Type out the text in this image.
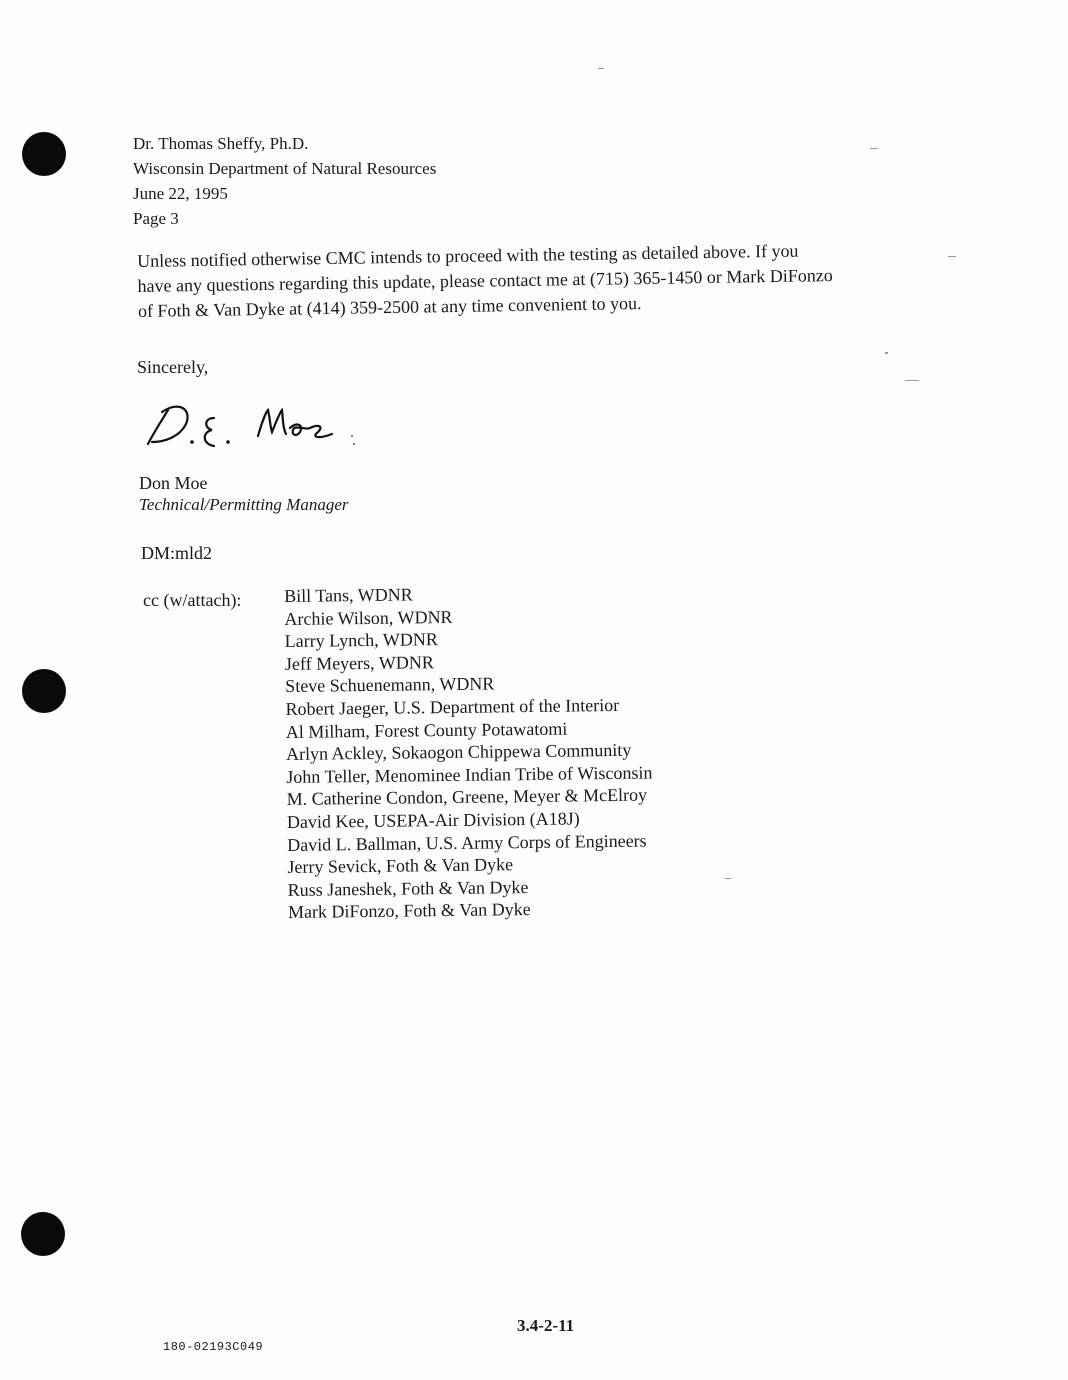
Dr. Thomas Sheffy, Ph.D.
Wisconsin Department of Natural Resources
June 22, 1995
Page 3
Unless notified otherwise CMC intends to proceed with the testing as detailed above. If you
have any questions regarding this update, please contact me at (715) 365-1450 or Mark DiFonzo
of Foth & Van Dyke at (414) 359-2500 at any time convenient to you.
Sincerely,
Don Moe
Technical/Permitting Manager
DM:mld2
cc (w/attach): Bill Tans, WDNR
Archie Wilson, WDNR
Larry Lynch, WDNR
Jeff Meyers, WDNR
Steve Schuenemann, WDNR
Robert Jaeger, U.S. Department of the Interior
Al Milham, Forest County Potawatomi
Arlyn Ackley, Sokaogon Chippewa Community
John Teller, Menominee Indian Tribe of Wisconsin
M. Catherine Condon, Greene, Meyer & McElroy
David Kee, USEPA-Air Division (A18J)
David L. Ballman, U.S. Army Corps of Engineers
Jerry Sevick, Foth & Van Dyke
Russ Janeshek, Foth & Van Dyke
Mark DiFonzo, Foth & Van Dyke
3.4-2-11
180-02193C049
